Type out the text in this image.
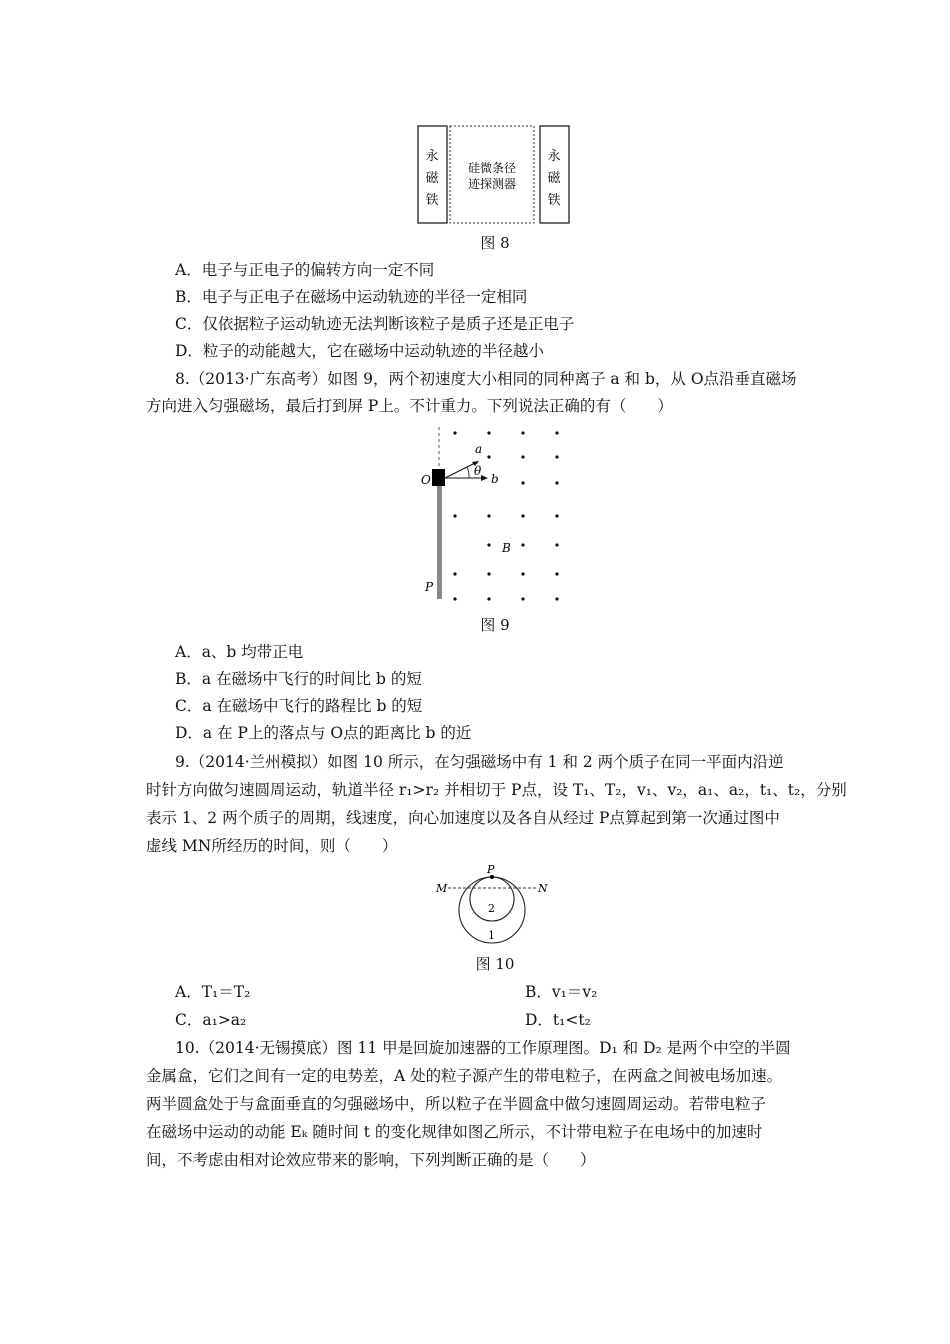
永
磁
铁
硅微条径
迹探测器
永
磁
铁
图 8
A．电子与正电子的偏转方向一定不同
B．电子与正电子在磁场中运动轨迹的半径一定相同
C．仅依据粒子运动轨迹无法判断该粒子是质子还是正电子
D．粒子的动能越大，它在磁场中运动轨迹的半径越小
8.（2013·广东高考）如图 9，两个初速度大小相同的同种离子 a 和 b，从 O点沿垂直磁场
方向进入匀强磁场，最后打到屏 P上。不计重力。下列说法正确的有（　　）
a
θ
b
O
B
P
图 9
A．a、b 均带正电
B．a 在磁场中飞行的时间比 b 的短
C．a 在磁场中飞行的路程比 b 的短
D．a 在 P上的落点与 O点的距离比 b 的近
9.（2014·兰州模拟）如图 10 所示，在匀强磁场中有 1 和 2 两个质子在同一平面内沿逆
时针方向做匀速圆周运动，轨道半径 r₁>r₂ 并相切于 P点，设 T₁、T₂，v₁、v₂，a₁、a₂，t₁、t₂，分别
表示 1、2 两个质子的周期，线速度，向心加速度以及各自从经过 P点算起到第一次通过图中
虚线 MN所经历的时间，则（　　）
P
M	N
2
1
图 10
A．T₁＝T₂	B．v₁＝v₂
C．a₁>a₂	D．t₁<t₂
10.（2014·无锡摸底）图 11 甲是回旋加速器的工作原理图。D₁ 和 D₂ 是两个中空的半圆
金属盒，它们之间有一定的电势差，A 处的粒子源产生的带电粒子，在两盒之间被电场加速。
两半圆盒处于与盒面垂直的匀强磁场中，所以粒子在半圆盒中做匀速圆周运动。若带电粒子
在磁场中运动的动能 Eₖ 随时间 t 的变化规律如图乙所示，不计带电粒子在电场中的加速时
间，不考虑由相对论效应带来的影响，下列判断正确的是（　　）
